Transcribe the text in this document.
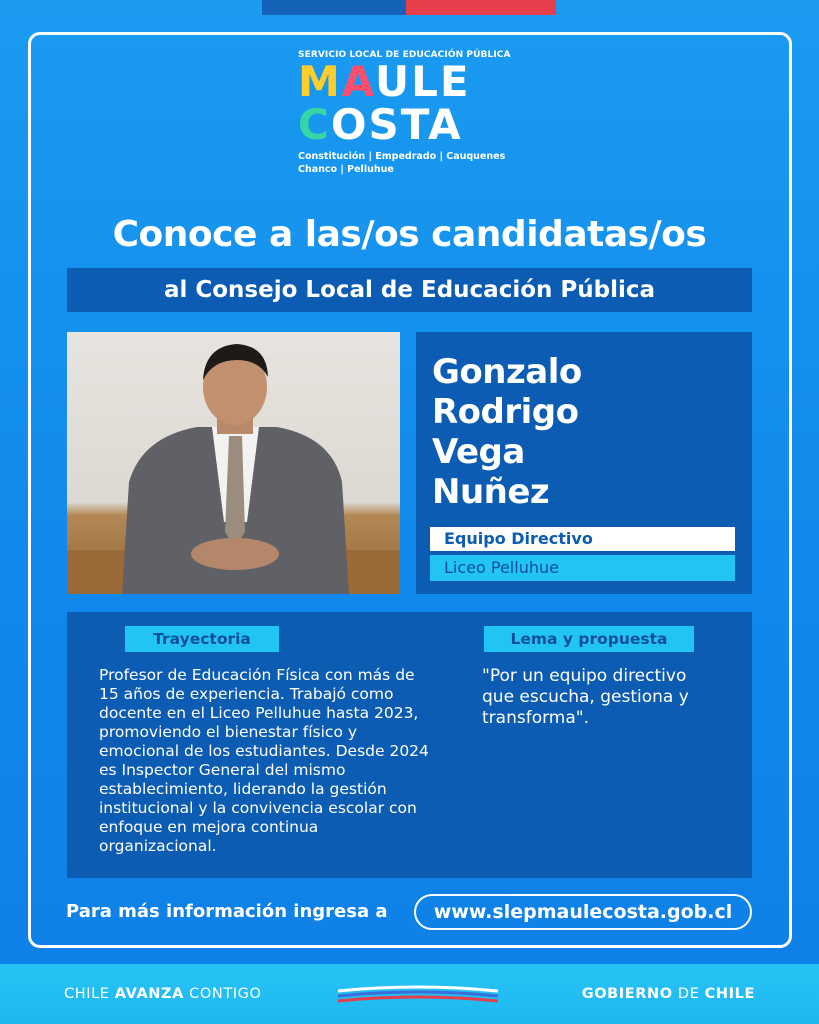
SERVICIO LOCAL DE EDUCACIÓN PÚBLICA
MAULE
COSTA
Constitución | Empedrado | Cauquenes
Chanco | Pelluhue
Conoce a las/os candidatas/os
al Consejo Local de Educación Pública
Gonzalo
Rodrigo
Vega
Nuñez
Equipo Directivo
Liceo Pelluhue
Trayectoria	Lema y propuesta
Profesor de Educación Física con más de
15 años de experiencia. Trabajó como
docente en el Liceo Pelluhue hasta 2023,
promoviendo el bienestar físico y
emocional de los estudiantes. Desde 2024
es Inspector General del mismo
establecimiento, liderando la gestión
institucional y la convivencia escolar con
enfoque en mejora continua
organizacional.
"Por un equipo directivo
que escucha, gestiona y
transforma".
Para más información ingresa a	www.slepmaulecosta.gob.cl
CHILE AVANZA CONTIGO	GOBIERNO DE CHILE
